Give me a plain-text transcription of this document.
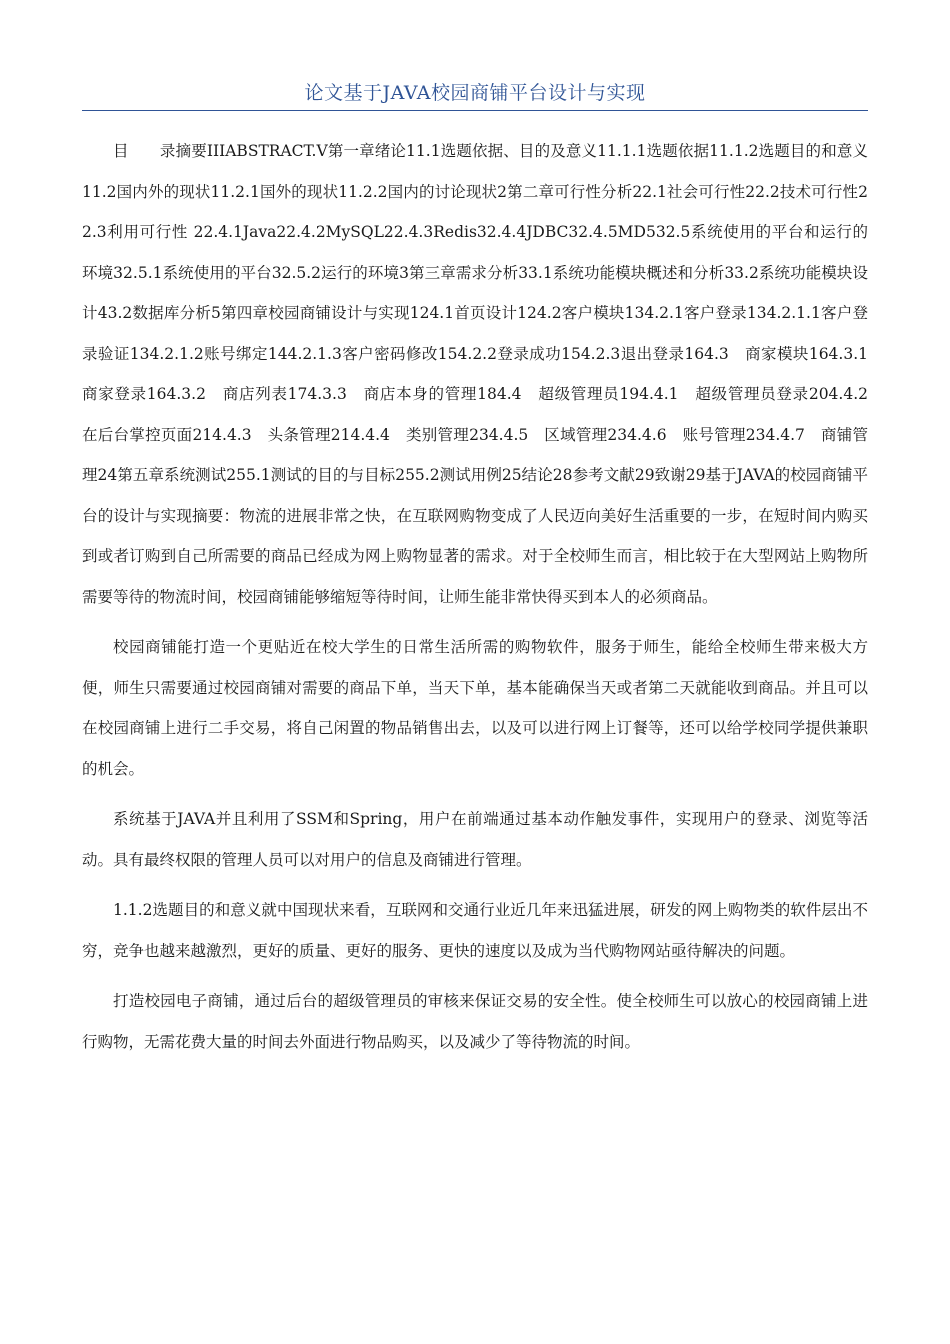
论文基于JAVA校园商铺平台设计与实现

目　　录摘要IIIABSTRACT.V第一章绪论11.1选题依据、目的及意义11.1.1选题依据11.1.2选题目的和意义11.2国内外的现状11.2.1国外的现状11.2.2国内的讨论现状2第二章可行性分析22.1社会可行性22.2技术可行性22.3利用可行性 22.4.1Java22.4.2MySQL22.4.3Redis32.4.4JDBC32.4.5MD532.5系统使用的平台和运行的环境32.5.1系统使用的平台32.5.2运行的环境3第三章需求分析33.1系统功能模块概述和分析33.2系统功能模块设计43.2数据库分析5第四章校园商铺设计与实现124.1首页设计124.2客户模块134.2.1客户登录134.2.1.1客户登录验证134.2.1.2账号绑定144.2.1.3客户密码修改154.2.2登录成功154.2.3退出登录164.3　商家模块164.3.1　商家登录164.3.2　商店列表174.3.3　商店本身的管理184.4　超级管理员194.4.1　超级管理员登录204.4.2　在后台掌控页面214.4.3　头条管理214.4.4　类别管理234.4.5　区域管理234.4.6　账号管理234.4.7　商铺管理24第五章系统测试255.1测试的目的与目标255.2测试用例25结论28参考文献29致谢29基于JAVA的校园商铺平台的设计与实现摘要：物流的进展非常之快，在互联网购物变成了人民迈向美好生活重要的一步，在短时间内购买到或者订购到自己所需要的商品已经成为网上购物显著的需求。对于全校师生而言，相比较于在大型网站上购物所需要等待的物流时间，校园商铺能够缩短等待时间，让师生能非常快得买到本人的必须商品。

校园商铺能打造一个更贴近在校大学生的日常生活所需的购物软件，服务于师生，能给全校师生带来极大方便，师生只需要通过校园商铺对需要的商品下单，当天下单，基本能确保当天或者第二天就能收到商品。并且可以在校园商铺上进行二手交易，将自己闲置的物品销售出去，以及可以进行网上订餐等，还可以给学校同学提供兼职的机会。

系统基于JAVA并且利用了SSM和Spring，用户在前端通过基本动作触发事件，实现用户的登录、浏览等活动。具有最终权限的管理人员可以对用户的信息及商铺进行管理。

1.1.2选题目的和意义就中国现状来看，互联网和交通行业近几年来迅猛进展，研发的网上购物类的软件层出不穷，竞争也越来越激烈，更好的质量、更好的服务、更快的速度以及成为当代购物网站亟待解决的问题。

打造校园电子商铺，通过后台的超级管理员的审核来保证交易的安全性。使全校师生可以放心的校园商铺上进行购物，无需花费大量的时间去外面进行物品购买，以及减少了等待物流的时间。
